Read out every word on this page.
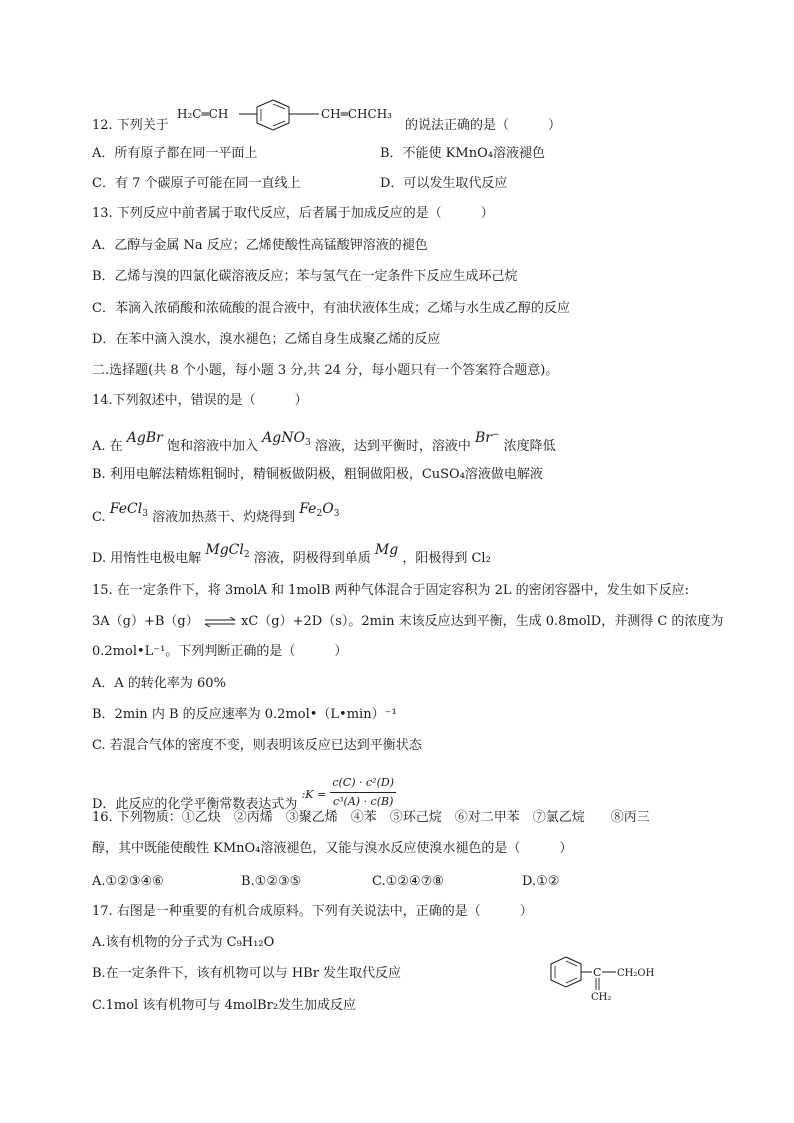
12. 下列关于
H₂C═CH	CH═CHCH₃
的说法正确的是（　　　）
A．所有原子都在同一平面上	B．不能使 KMnO₄溶液褪色
C．有 7 个碳原子可能在同一直线上	D．可以发生取代反应
13. 下列反应中前者属于取代反应，后者属于加成反应的是（　　　）
A．乙醇与金属 Na 反应；乙烯使酸性高锰酸钾溶液的褪色
B．乙烯与溴的四氯化碳溶液反应；苯与氢气在一定条件下反应生成环己烷
C．苯滴入浓硝酸和浓硫酸的混合液中，有油状液体生成；乙烯与水生成乙醇的反应
D．在苯中滴入溴水，溴水褪色；乙烯自身生成聚乙烯的反应
二.选择题(共 8 个小题，每小题 3 分,共 24 分，每小题只有一个答案符合题意)。
14.下列叙述中，错误的是（　　　）
A. 在 AgBr 饱和溶液中加入 AgNO$_3$ 溶液，达到平衡时，溶液中 Br− 浓度降低
B. 利用电解法精炼粗铜时，精铜板做阴极，粗铜做阳极，CuSO₄溶液做电解液
C. FeCl$_3$ 溶液加热蒸干、灼烧得到 $Fe_2O_3$
D. 用惰性电极电解 MgCl$_2$ 溶液，阴极得到单质 Mg ，阳极得到 Cl₂
15. 在一定条件下，将 3molA 和 1molB 两种气体混合于固定容积为 2L 的密闭容器中，发生如下反应:
3A（g）+B（g） ⇌ xC（g）+2D（s）。2min 末该反应达到平衡，生成 0.8molD，并测得 C 的浓度为
0.2mol•L⁻¹。下列判断正确的是（　　　）
A．A 的转化率为 60%
B．2min 内 B 的反应速率为 0.2mol•（L•min）⁻¹
C. 若混合气体的密度不变，则表明该反应已达到平衡状态
D．此反应的化学平衡常数表达式为 :K = $\frac{\text{c(C) · c²(D)}}{\text{c³(A) · c(B)}}$
16. 下列物质：①乙炔　②丙烯　③聚乙烯　④苯　⑤环己烷　⑥对二甲苯　⑦氯乙烷　　⑧丙三
醇，其中既能使酸性 KMnO₄溶液褪色，又能与溴水反应使溴水褪色的是（　　　）
A.①②③④⑥	B.①②③⑤	C.①②④⑦⑧	D.①②
17. 右图是一种重要的有机合成原料。下列有关说法中，正确的是（　　　）
A.该有机物的分子式为 C₉H₁₂O
B.在一定条件下，该有机物可以与 HBr 发生取代反应
C.1mol 该有机物可与 4molBr₂发生加成反应
C CH₂OH
CH₂
